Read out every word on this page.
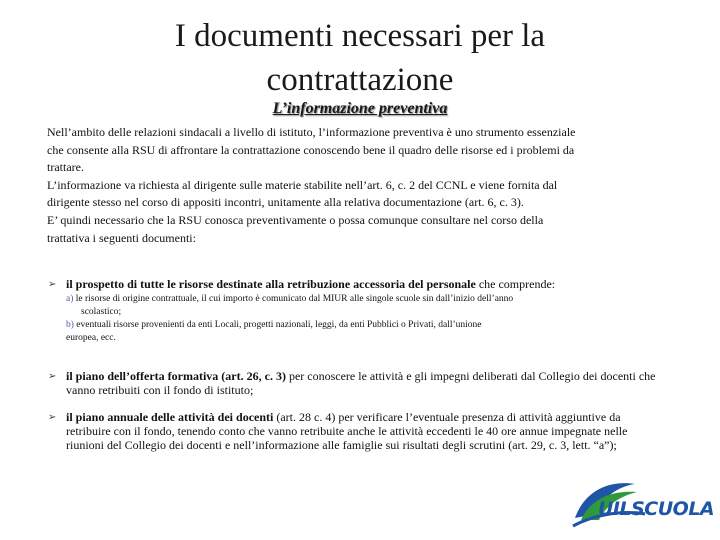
I documenti necessari per la
contrattazione
L’informazione preventiva

Nell’ambito delle relazioni sindacali a livello di istituto, l’informazione preventiva è uno strumento essenziale

che consente alla RSU di affrontare la contrattazione conoscendo bene il quadro delle risorse ed i problemi da

trattare.

L’informazione va richiesta al dirigente sulle materie stabilite nell’art. 6, c. 2 del CCNL e viene fornita dal

dirigente stesso nel corso di appositi incontri, unitamente alla relativa documentazione (art. 6, c. 3).

E’ quindi necessario che la RSU conosca preventivamente o possa comunque consultare nel corso della

trattativa i seguenti documenti:

➢ il prospetto di tutte le risorse destinate alla retribuzione accessoria del personale che comprende:
a) le risorse di origine contrattuale, il cui importo è comunicato dal MIUR alle singole scuole sin dall’inizio dell’anno
scolastico;
b) eventuali risorse provenienti da enti Locali, progetti nazionali, leggi, da enti Pubblici o Privati, dall’unione
europea, ecc.
➢ il piano dell’offerta formativa (art. 26, c. 3) per conoscere le attività e gli impegni deliberati dal Collegio dei docenti che vanno retribuiti con il fondo di istituto;
➢ il piano annuale delle attività dei docenti (art. 28 c. 4) per verificare l’eventuale presenza di attività aggiuntive da retribuire con il fondo, tenendo conto che vanno retribuite anche le attività eccedenti le 40 ore annue impegnate nelle riunioni del Collegio dei docenti e nell’informazione alle famiglie sui risultati degli scrutini (art. 29, c. 3, lett. “a”);
UILSCUOLA
